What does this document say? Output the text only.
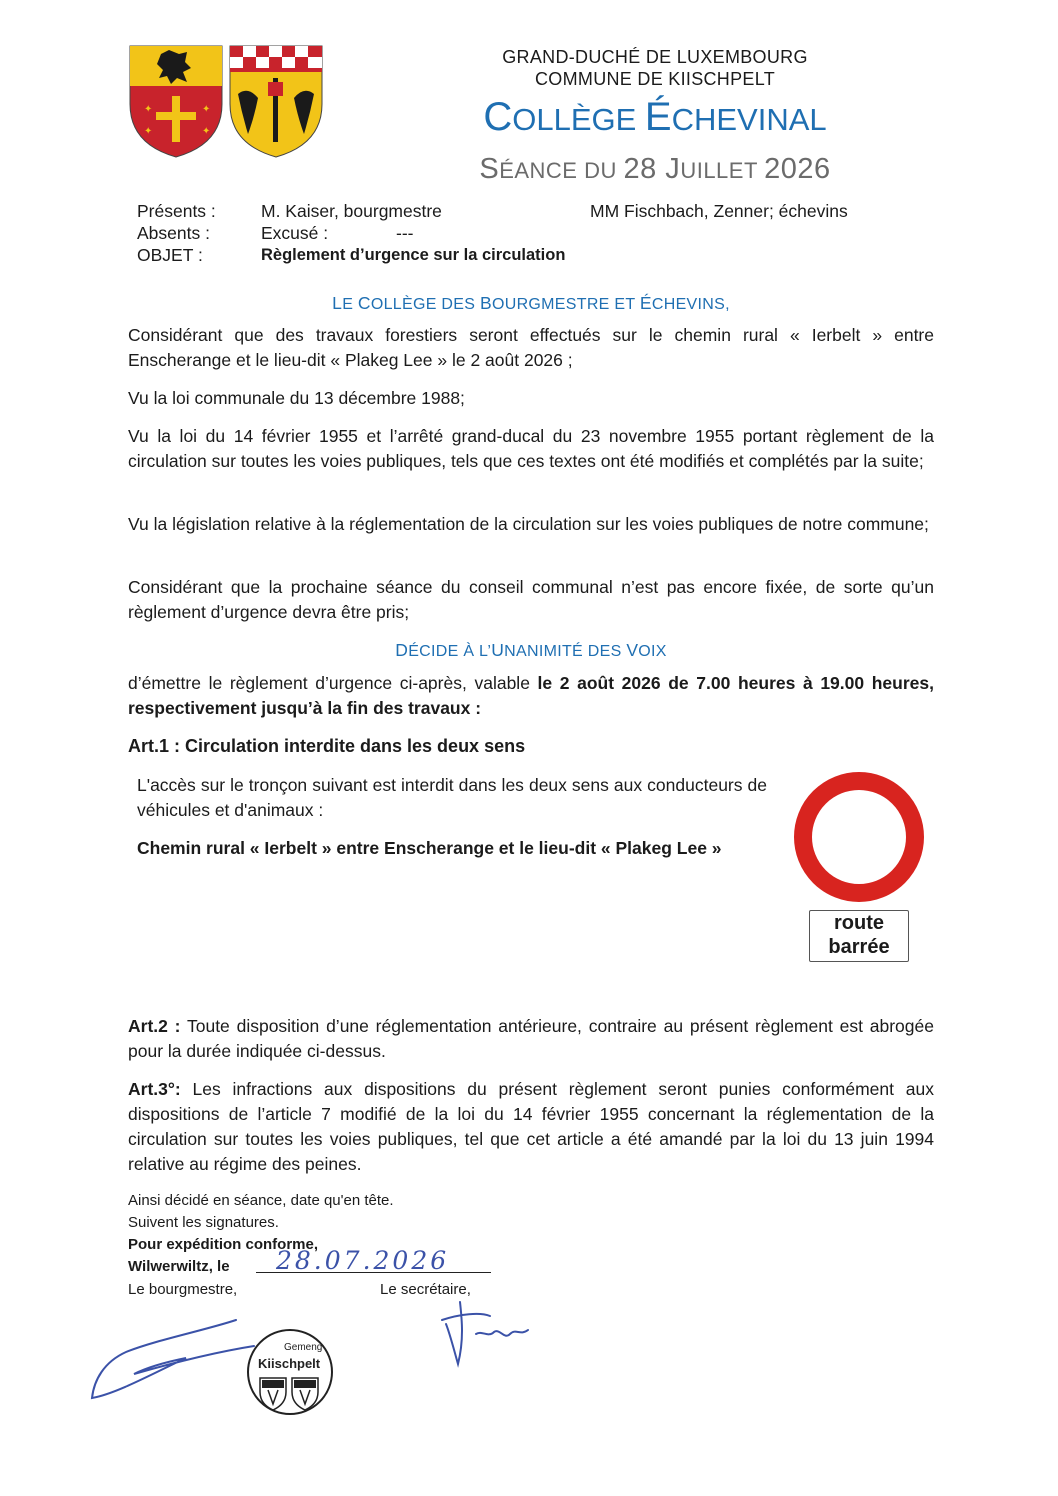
✦	✦
✦	✦
GRAND-DUCHÉ DE LUXEMBOURG
COMMUNE DE KIISCHPELT
COLLÈGE ÉCHEVINAL
SÉANCE DU 28 JUILLET 2026
Présents :	M. Kaiser, bourgmestre	MM Fischbach, Zenner; échevins
Absents :	Excusé :	---
OBJET :	Règlement d’urgence sur la circulation
LE COLLÈGE DES BOURGMESTRE ET ÉCHEVINS,
Considérant que des travaux forestiers seront effectués sur le chemin rural « Ierbelt » entre Enscherange et le lieu-dit « Plakeg Lee » le 2 août 2026 ;
Vu la loi communale du 13 décembre 1988;
Vu la loi du 14 février 1955 et l’arrêté grand-ducal du 23 novembre 1955 portant règlement de la circulation sur toutes les voies publiques, tels que ces textes ont été modifiés et complétés par la suite;
Vu la législation relative à la réglementation de la circulation sur les voies publiques de notre commune;
Considérant que la prochaine séance du conseil communal n’est pas encore fixée, de sorte qu’un règlement d’urgence devra être pris;
DÉCIDE À L’UNANIMITÉ DES VOIX
d’émettre le règlement d’urgence ci-après, valable le 2 août 2026 de 7.00 heures à 19.00 heures, respectivement jusqu’à la fin des travaux :
Art.1 : Circulation interdite dans les deux sens
L'accès sur le tronçon suivant est interdit dans les deux sens aux conducteurs de véhicules et d'animaux :
Chemin rural « Ierbelt » entre Enscherange et le lieu-dit « Plakeg Lee »
route
barrée
Art.2 : Toute disposition d’une réglementation antérieure, contraire au présent règlement est abrogée pour la durée indiquée ci-dessus.
Art.3°: Les infractions aux dispositions du présent règlement seront punies conformément aux dispositions de l’article 7 modifié de la loi du 14 février 1955 concernant la réglementation de la circulation sur toutes les voies publiques, tel que cet article a été amandé par la loi du 13 juin 1994 relative au régime des peines.
Ainsi décidé en séance, date qu'en tête.
Suivent les signatures.
Pour expédition conforme,
Wilwerwiltz, le 28.07.2026
Le bourgmestre,	Le secrétaire,
Gemeng
Kiischpelt
